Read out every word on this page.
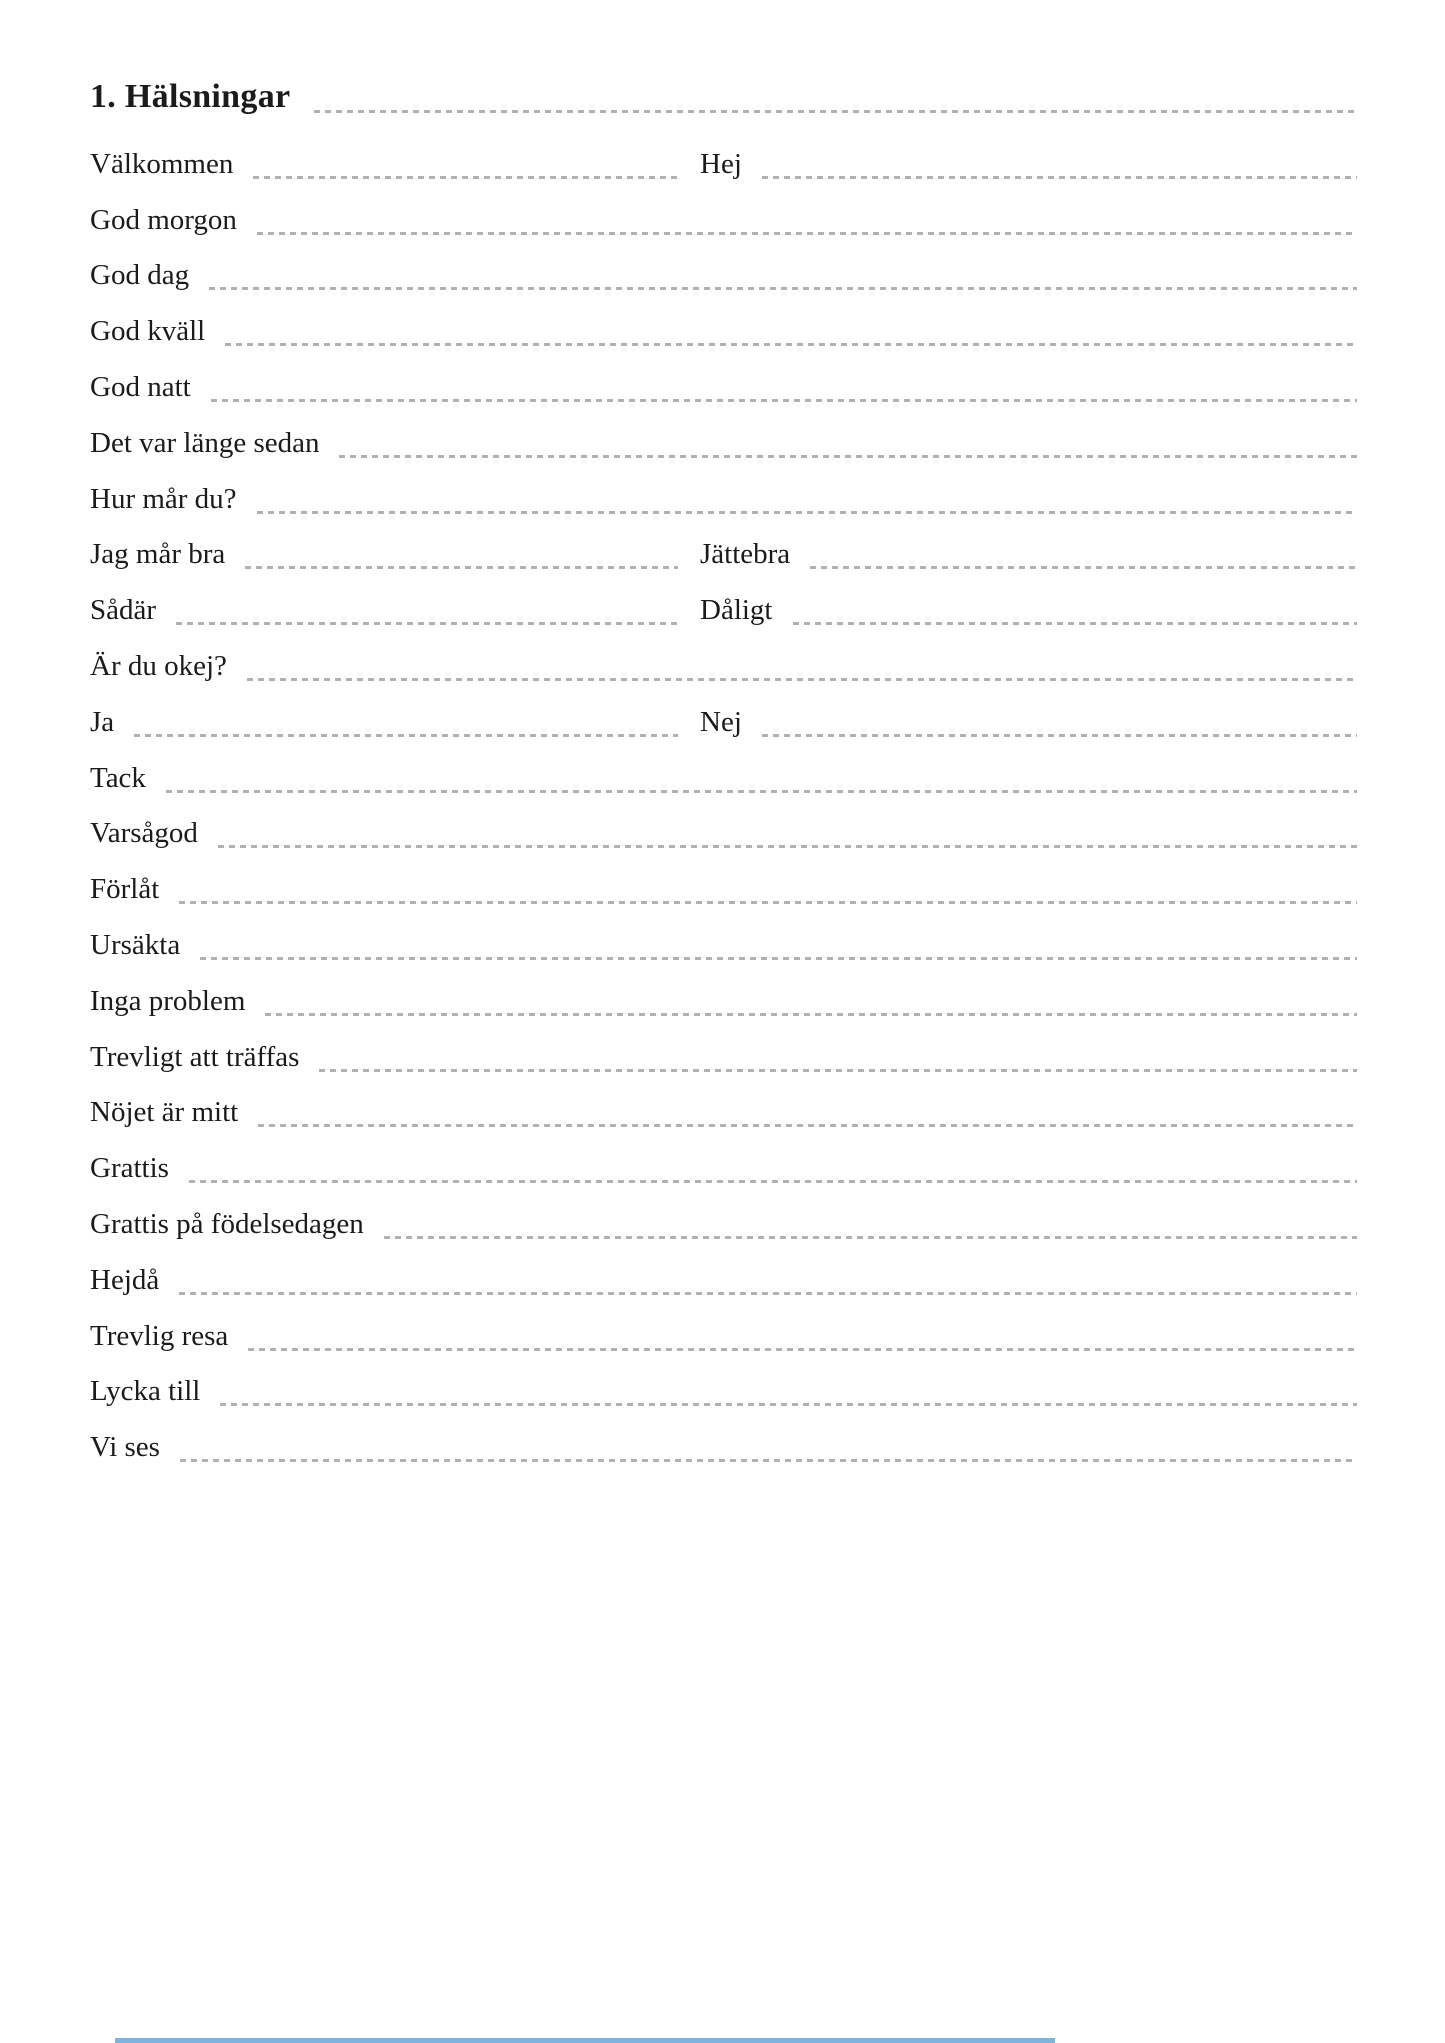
1. Hälsningar
Välkommen	Hej
God morgon
God dag
God kväll
God natt
Det var länge sedan
Hur mår du?
Jag mår bra	Jättebra
Sådär	Dåligt
Är du okej?
Ja	Nej
Tack
Varsågod
Förlåt
Ursäkta
Inga problem
Trevligt att träffas
Nöjet är mitt
Grattis
Grattis på födelsedagen
Hejdå
Trevlig resa
Lycka till
Vi ses
